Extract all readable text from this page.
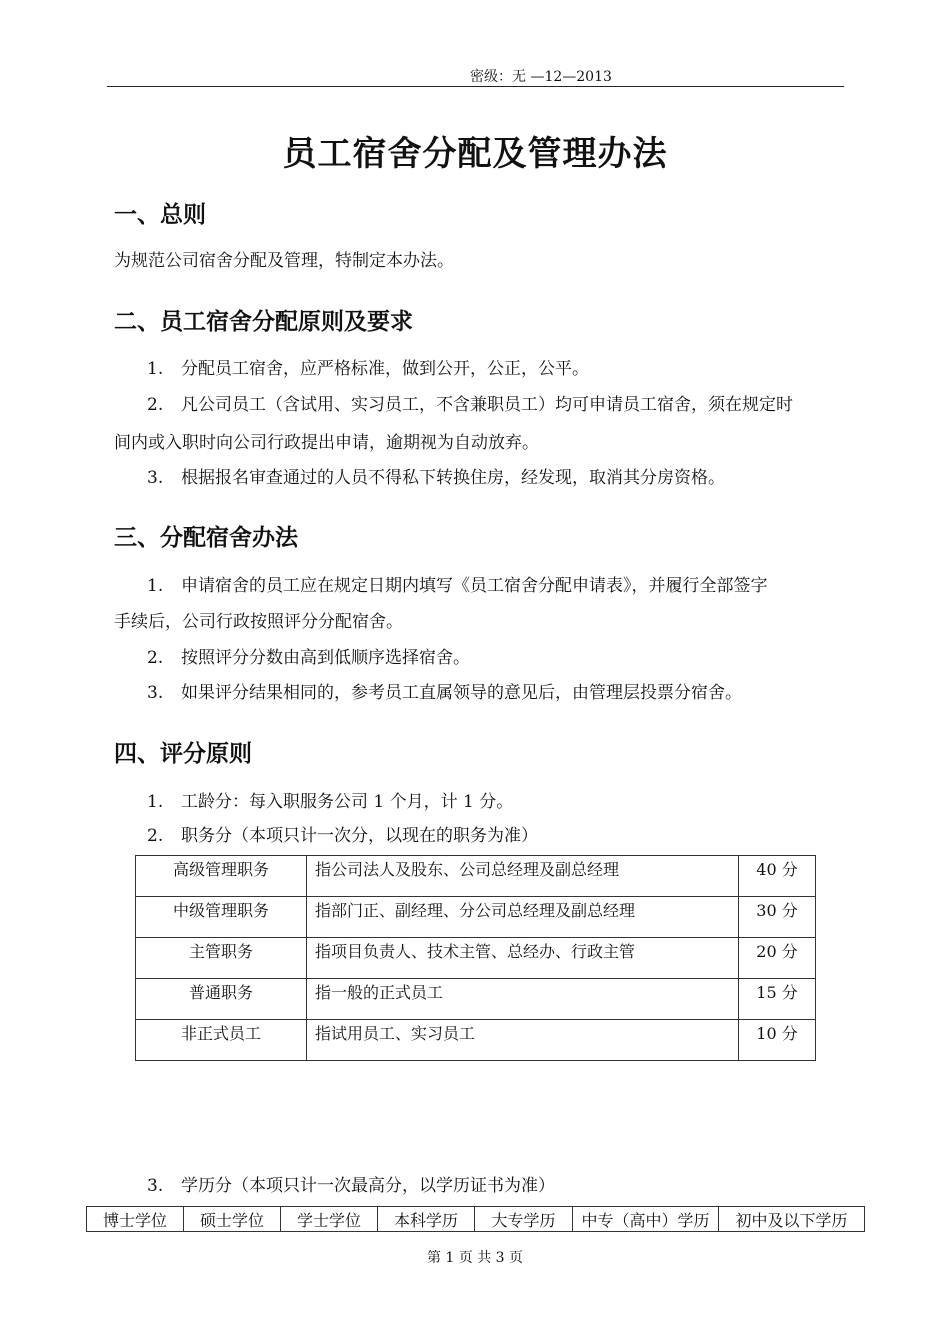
密级：无 —12—2013
员工宿舍分配及管理办法
一、总则
为规范公司宿舍分配及管理，特制定本办法。
二、员工宿舍分配原则及要求
1. 分配员工宿舍，应严格标准，做到公开，公正，公平。
2. 凡公司员工（含试用、实习员工，不含兼职员工）均可申请员工宿舍，须在规定时
间内或入职时向公司行政提出申请，逾期视为自动放弃。
3. 根据报名审查通过的人员不得私下转换住房，经发现，取消其分房资格。
三、分配宿舍办法
1. 申请宿舍的员工应在规定日期内填写《员工宿舍分配申请表》，并履行全部签字
手续后，公司行政按照评分分配宿舍。
2. 按照评分分数由高到低顺序选择宿舍。
3. 如果评分结果相同的，参考员工直属领导的意见后，由管理层投票分宿舍。
四、评分原则
1. 工龄分：每入职服务公司 1 个月，计 1 分。
2. 职务分（本项只计一次分，以现在的职务为准）
高级管理职务	指公司法人及股东、公司总经理及副总经理	40 分
中级管理职务	指部门正、副经理、分公司总经理及副总经理	30 分
主管职务	指项目负责人、技术主管、总经办、行政主管	20 分
普通职务	指一般的正式员工	15 分
非正式员工	指试用员工、实习员工	10 分
3. 学历分（本项只计一次最高分，以学历证书为准）
博士学位	硕士学位	学士学位	本科学历	大专学历	中专（高中）学历	初中及以下学历
第 1 页 共 3 页
